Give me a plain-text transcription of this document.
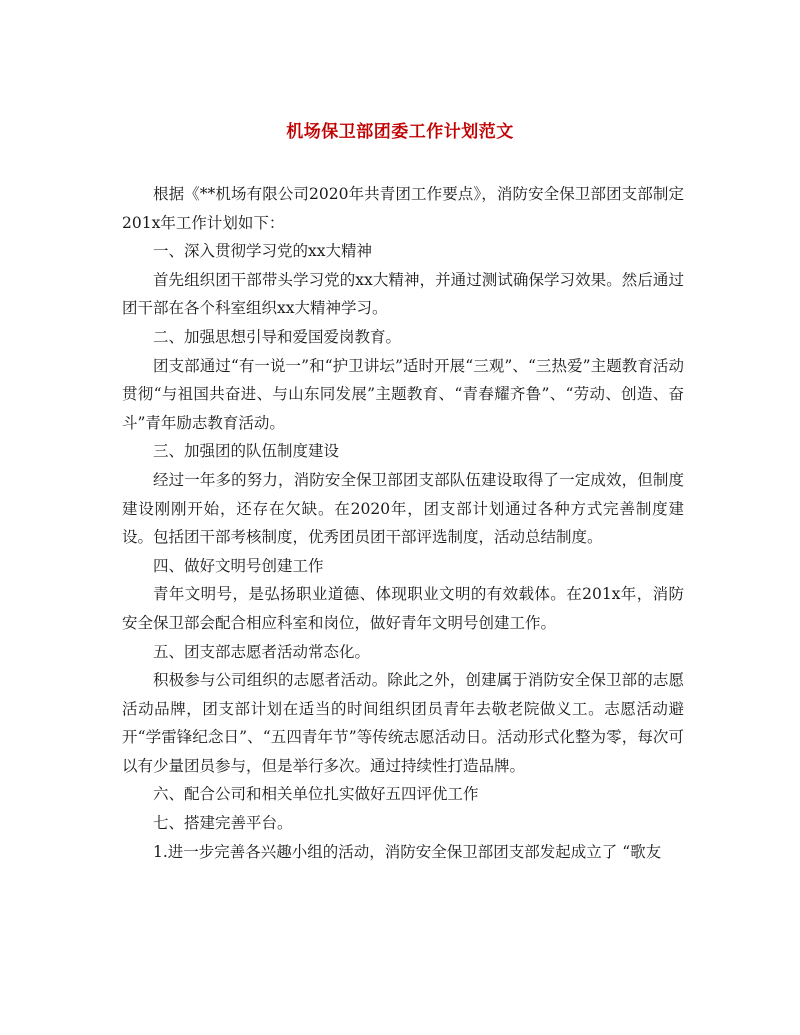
机场保卫部团委工作计划范文

根据《**机场有限公司2020年共青团工作要点》，消防安全保卫部团支部制定201x年工作计划如下：

一、深入贯彻学习党的xx大精神

首先组织团干部带头学习党的xx大精神，并通过测试确保学习效果。然后通过团干部在各个科室组织xx大精神学习。

二、加强思想引导和爱国爱岗教育。

团支部通过“有一说一”和“护卫讲坛”适时开展“三观”、“三热爱”主题教育活动贯彻“与祖国共奋进、与山东同发展”主题教育、“青春耀齐鲁”、“劳动、创造、奋斗”青年励志教育活动。

三、加强团的队伍制度建设

经过一年多的努力，消防安全保卫部团支部队伍建设取得了一定成效，但制度建设刚刚开始，还存在欠缺。在2020年，团支部计划通过各种方式完善制度建设。包括团干部考核制度，优秀团员团干部评选制度，活动总结制度。

四、做好文明号创建工作

青年文明号，是弘扬职业道德、体现职业文明的有效载体。在201x年，消防安全保卫部会配合相应科室和岗位，做好青年文明号创建工作。

五、团支部志愿者活动常态化。

积极参与公司组织的志愿者活动。除此之外，创建属于消防安全保卫部的志愿活动品牌，团支部计划在适当的时间组织团员青年去敬老院做义工。志愿活动避开“学雷锋纪念日”、“五四青年节”等传统志愿活动日。活动形式化整为零，每次可以有少量团员参与，但是举行多次。通过持续性打造品牌。

六、配合公司和相关单位扎实做好五四评优工作

七、搭建完善平台。

1.进一步完善各兴趣小组的活动，消防安全保卫部团支部发起成立了 “歌友
